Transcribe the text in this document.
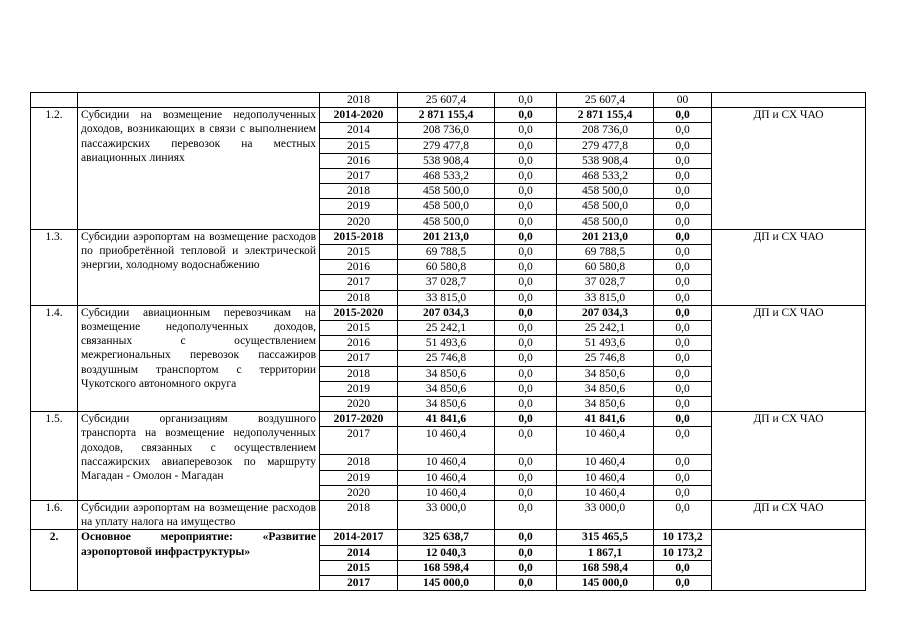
		2018	25 607,4	0,0	25 607,4	00	
1.2.	Субсидии на возмещение недополученных доходов, возникающих в связи с выполнением пассажирских перевозок на местных авиационных линиях	2014-2020	2 871 155,4	0,0	2 871 155,4	0,0	ДП и СХ ЧАО
		2014	208 736,0	0,0	208 736,0	0,0	
		2015	279 477,8	0,0	279 477,8	0,0	
		2016	538 908,4	0,0	538 908,4	0,0	
		2017	468 533,2	0,0	468 533,2	0,0	
		2018	458 500,0	0,0	458 500,0	0,0	
		2019	458 500,0	0,0	458 500,0	0,0	
		2020	458 500,0	0,0	458 500,0	0,0	
1.3.	Субсидии аэропортам на возмещение расходов по приобретённой тепловой и электрической энергии, холодному водоснабжению	2015-2018	201 213,0	0,0	201 213,0	0,0	ДП и СХ ЧАО
		2015	69 788,5	0,0	69 788,5	0,0	
		2016	60 580,8	0,0	60 580,8	0,0	
		2017	37 028,7	0,0	37 028,7	0,0	
		2018	33 815,0	0,0	33 815,0	0,0	
1.4.	Субсидии авиационным перевозчикам на возмещение недополученных доходов, связанных с осуществлением межрегиональных перевозок пассажиров воздушным транспортом с территории Чукотского автономного округа	2015-2020	207 034,3	0,0	207 034,3	0,0	ДП и СХ ЧАО
		2015	25 242,1	0,0	25 242,1	0,0	
		2016	51 493,6	0,0	51 493,6	0,0	
		2017	25 746,8	0,0	25 746,8	0,0	
		2018	34 850,6	0,0	34 850,6	0,0	
		2019	34 850,6	0,0	34 850,6	0,0	
		2020	34 850,6	0,0	34 850,6	0,0	
1.5.	Субсидии организациям воздушного транспорта на возмещение недополученных доходов, связанных с осуществлением пассажирских авиаперевозок по маршруту Магадан - Омолон - Магадан	2017-2020	41 841,6	0,0	41 841,6	0,0	ДП и СХ ЧАО
		2017	10 460,4	0,0	10 460,4	0,0	
		2018	10 460,4	0,0	10 460,4	0,0	
		2019	10 460,4	0,0	10 460,4	0,0	
		2020	10 460,4	0,0	10 460,4	0,0	
1.6.	Субсидии аэропортам на возмещение расходов на уплату налога на имущество	2018	33 000,0	0,0	33 000,0	0,0	ДП и СХ ЧАО
2.	Основное мероприятие: «Развитие аэропортовой инфраструктуры»	2014-2017	325 638,7	0,0	315 465,5	10 173,2	
		2014	12 040,3	0,0	1 867,1	10 173,2	
		2015	168 598,4	0,0	168 598,4	0,0	
		2017	145 000,0	0,0	145 000,0	0,0	
